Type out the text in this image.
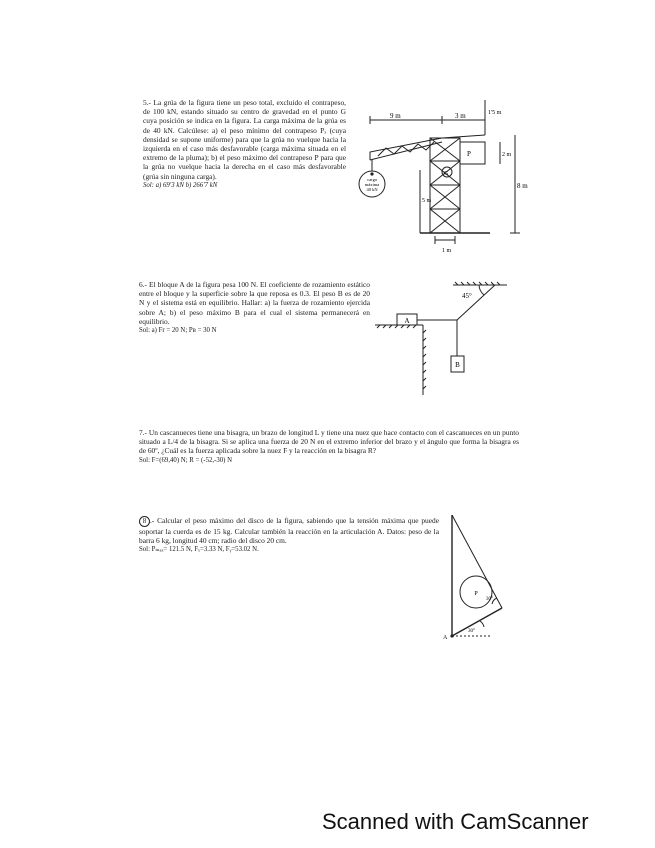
5.- La grúa de la figura tiene un peso total, excluido el contrapeso, de 100 kN, estando situado su centro de gravedad en el punto G cuya posición se indica en la figura. La carga máxima de la grúa es de 40 kN. Calcúlese: a) el peso mínimo del contrapeso Pₓ (cuya densidad se supone uniforme) para que la grúa no vuelque hacia la izquierda en el caso más desfavorable (carga máxima situada en el extremo de la pluma); b) el peso máximo del contrapeso P para que la grúa no vuelque hacia la derecha en el caso más desfavorable (grúa sin ninguna carga).
Sol: a) 69'3 kN b) 266'7 kN
9 m	3 m	1'5 m
2 m
8 m
5 m
1 m
P
G
carga
máxima
40 kN
6.- El bloque A de la figura pesa 100 N. El coeficiente de rozamiento estático entre el bloque y la superficie sobre la que reposa es 0.3. El peso B es de 20 N y el sistema está en equilibrio. Hallar: a) la fuerza de rozamiento ejercida sobre A; b) el peso máximo B para el cual el sistema permanecerá en equilibrio.
Sol: a) Fr = 20 N; Pʙ = 30 N
A
B
45°
7.- Un cascanueces tiene una bisagra, un brazo de longitud L y tiene una nuez que hace contacto con el cascanueces en un punto situado a L/4 de la bisagra. Si se aplica una fuerza de 20 N en el extremo inferior del brazo y el ángulo que forma la bisagra es de 60º, ¿Cuál es la fuerza aplicada sobre la nuez F y la reacción en la bisagra R?
Sol: F=(69,40) N; R = (-52,-30) N
8 .- Calcular el peso máximo del disco de la figura, sabiendo que la tensión máxima que puede soportar la cuerda es de 15 kg. Calcular también la reacción en la articulación A. Datos: peso de la barra 6 kg, longitud 40 cm; radio del disco 20 cm.
Sol: Pₘₐₓ= 121.5 N, Fₓ=3.33 N, Fᵧ=53.02 N.
P
A
30°
30°
Scanned with CamScanner
